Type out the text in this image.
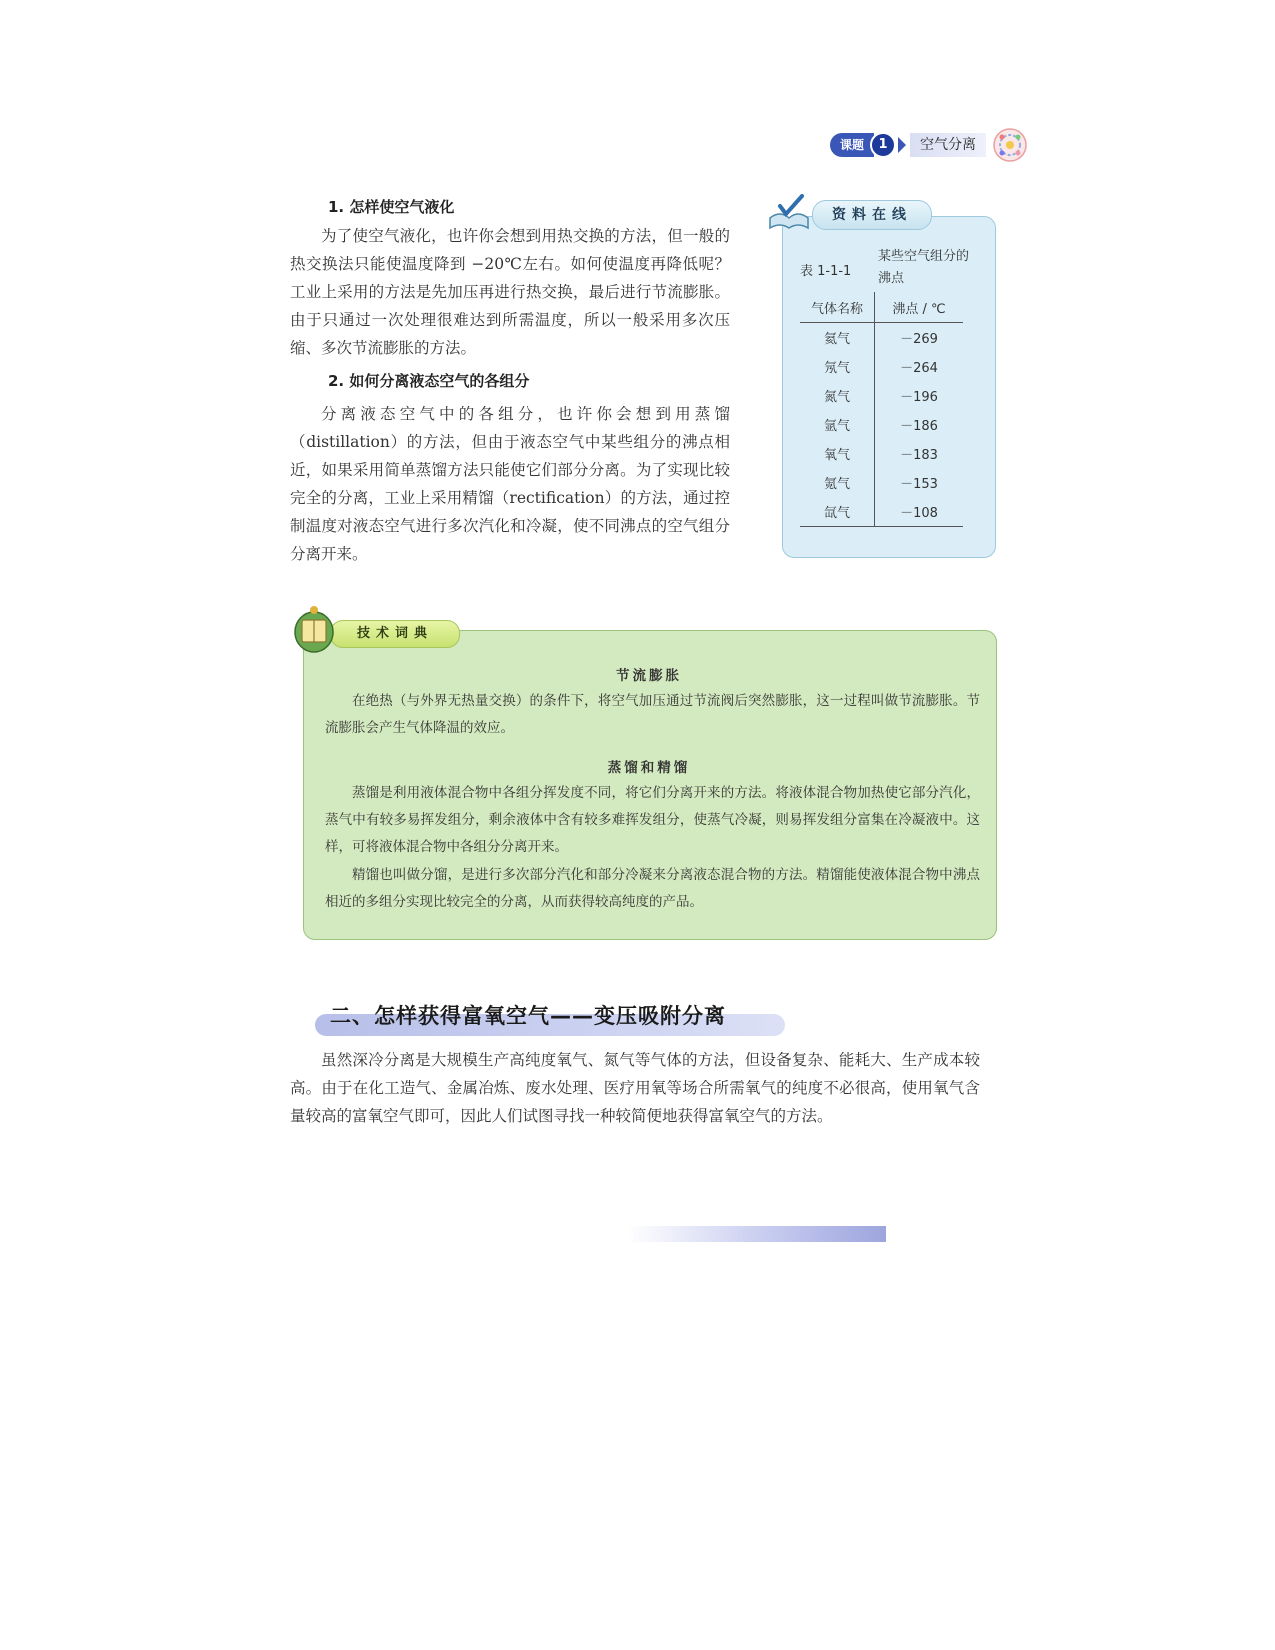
课题	1	空气分离
1. 怎样使空气液化
为了使空气液化，也许你会想到用热交换的方法，但一般的热交换法只能使温度降到 −20℃左右。如何使温度再降低呢？工业上采用的方法是先加压再进行热交换，最后进行节流膨胀。由于只通过一次处理很难达到所需温度，所以一般采用多次压缩、多次节流膨胀的方法。
2. 如何分离液态空气的各组分
分离液态空气中的各组分，也许你会想到用蒸馏（distillation）的方法，但由于液态空气中某些组分的沸点相近，如果采用简单蒸馏方法只能使它们部分分离。为了实现比较完全的分离，工业上采用精馏（rectification）的方法，通过控制温度对液态空气进行多次汽化和冷凝，使不同沸点的空气组分分离开来。
资料在线
表 1-1-1
某些空气组分的沸点
气体名称	沸点 / ℃
氦气	－269
氖气	－264
氮气	－196
氩气	－186
氧气	－183
氪气	－153
氙气	－108
技术词典
节流膨胀
在绝热（与外界无热量交换）的条件下，将空气加压通过节流阀后突然膨胀，这一过程叫做节流膨胀。节流膨胀会产生气体降温的效应。
蒸馏和精馏
蒸馏是利用液体混合物中各组分挥发度不同，将它们分离开来的方法。将液体混合物加热使它部分汽化，蒸气中有较多易挥发组分，剩余液体中含有较多难挥发组分，使蒸气冷凝，则易挥发组分富集在冷凝液中。这样，可将液体混合物中各组分分离开来。
精馏也叫做分馏，是进行多次部分汽化和部分冷凝来分离液态混合物的方法。精馏能使液体混合物中沸点相近的多组分实现比较完全的分离，从而获得较高纯度的产品。
二、怎样获得富氧空气——变压吸附分离
虽然深冷分离是大规模生产高纯度氧气、氮气等气体的方法，但设备复杂、能耗大、生产成本较高。由于在化工造气、金属冶炼、废水处理、医疗用氧等场合所需氧气的纯度不必很高，使用氧气含量较高的富氧空气即可，因此人们试图寻找一种较简便地获得富氧空气的方法。
